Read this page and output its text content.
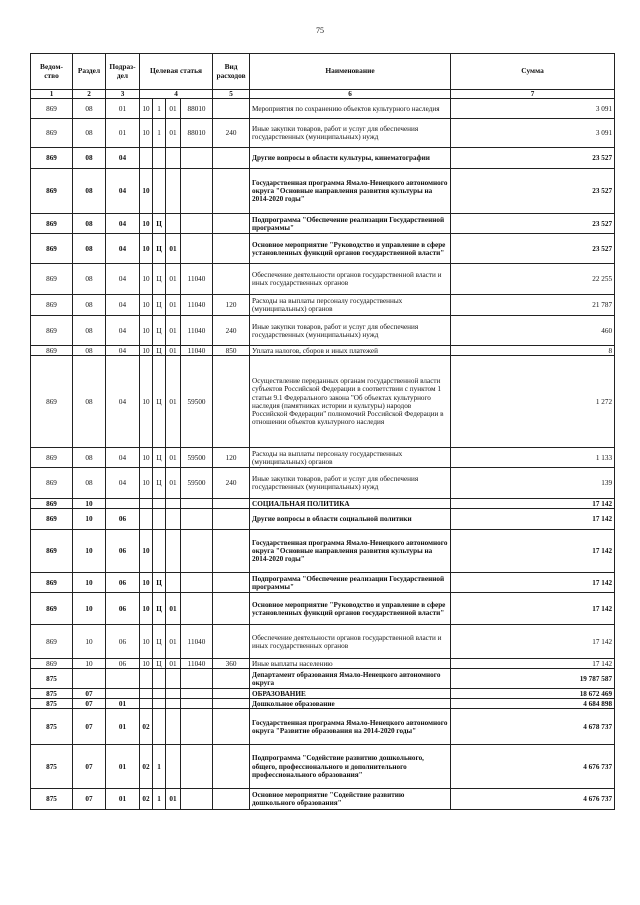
75
Ведом-ство	Раздел	Подраз-дел	Целевая статья				Вид расходов	Наименование	Сумма
1	2	3	4				5	6	7
869	08	01	10	1	01	88010		Мероприятия по сохранению объектов культурного наследия	3 091
869	08	01	10	1	01	88010	240	Иные закупки товаров, работ и услуг для обеспечения государственных (муниципальных) нужд	3 091
869	08	04						Другие вопросы в области культуры, кинематографии	23 527
869	08	04	10					Государственная программа Ямало-Ненецкого автономного округа "Основные направления развития культуры на 2014-2020 годы"	23 527
869	08	04	10	Ц				Подпрограмма "Обеспечение реализации Государственной программы"	23 527
869	08	04	10	Ц	01			Основное мероприятие "Руководство и управление в сфере установленных функций органов государственной власти"	23 527
869	08	04	10	Ц	01	11040		Обеспечение деятельности органов государственной власти и иных государственных органов	22 255
869	08	04	10	Ц	01	11040	120	Расходы на выплаты персоналу государственных (муниципальных) органов	21 787
869	08	04	10	Ц	01	11040	240	Иные закупки товаров, работ и услуг для обеспечения государственных (муниципальных) нужд	460
869	08	04	10	Ц	01	11040	850	Уплата налогов, сборов и иных платежей	8
869	08	04	10	Ц	01	59500		Осуществление переданных органам государственной власти субъектов Российской Федерации в соответствии с пунктом 1 статьи 9.1 Федерального закона "Об объектах культурного наследия (памятниках истории и культуры) народов Российской Федерации" полномочий Российской Федерации в отношении объектов культурного наследия	1 272
869	08	04	10	Ц	01	59500	120	Расходы на выплаты персоналу государственных (муниципальных) органов	1 133
869	08	04	10	Ц	01	59500	240	Иные закупки товаров, работ и услуг для обеспечения государственных (муниципальных) нужд	139
869	10							СОЦИАЛЬНАЯ ПОЛИТИКА	17 142
869	10	06						Другие вопросы в области социальной политики	17 142
869	10	06	10					Государственная программа Ямало-Ненецкого автономного округа "Основные направления развития культуры на 2014-2020 годы"	17 142
869	10	06	10	Ц				Подпрограмма "Обеспечение реализации Государственной программы"	17 142
869	10	06	10	Ц	01			Основное мероприятие "Руководство и управление в сфере установленных функций органов государственной власти"	17 142
869	10	06	10	Ц	01	11040		Обеспечение деятельности органов государственной власти и иных государственных органов	17 142
869	10	06	10	Ц	01	11040	360	Иные выплаты населению	17 142
875								Департамент образования Ямало-Ненецкого автономного округа	19 787 587
875	07							ОБРАЗОВАНИЕ	18 672 469
875	07	01						Дошкольное образование	4 684 898
875	07	01	02					Государственная программа Ямало-Ненецкого автономного округа "Развитие образования на 2014-2020 годы"	4 678 737
875	07	01	02	1				Подпрограмма "Содействие развитию дошкольного, общего, профессионального и дополнительного профессионального образования"	4 676 737
875	07	01	02	1	01			Основное мероприятие "Содействие развитию дошкольного образования"	4 676 737
